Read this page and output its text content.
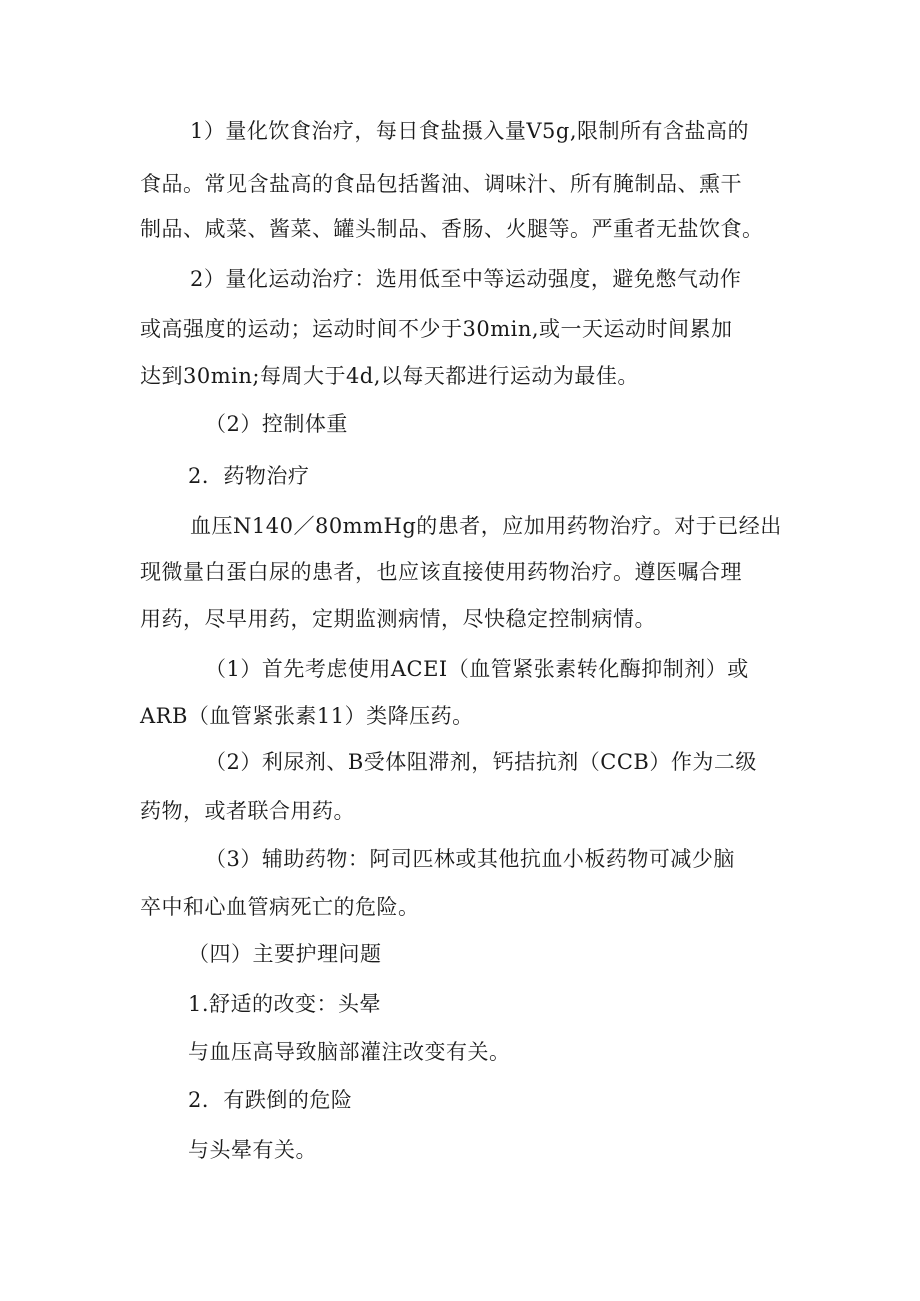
1）量化饮食治疗，每日食盐摄入量V5g,限制所有含盐高的
食品。常见含盐高的食品包括酱油、调味汁、所有腌制品、熏干
制品、咸菜、酱菜、罐头制品、香肠、火腿等。严重者无盐饮食。
2）量化运动治疗：选用低至中等运动强度，避免憋气动作
或高强度的运动；运动时间不少于30min,或一天运动时间累加
达到30min;每周大于4d,以每天都进行运动为最佳。
（2）控制体重
2．药物治疗
血压N140／80mmHg的患者，应加用药物治疗。对于已经出
现微量白蛋白尿的患者，也应该直接使用药物治疗。遵医嘱合理
用药，尽早用药，定期监测病情，尽快稳定控制病情。
（1）首先考虑使用ACEI（血管紧张素转化酶抑制剂）或
ARB（血管紧张素11）类降压药。
（2）利尿剂、B受体阻滞剂，钙拮抗剂（CCB）作为二级
药物，或者联合用药。
（3）辅助药物：阿司匹林或其他抗血小板药物可减少脑
卒中和心血管病死亡的危险。
（四）主要护理问题
1.舒适的改变：头晕
与血压高导致脑部灌注改变有关。
2．有跌倒的危险
与头晕有关。
